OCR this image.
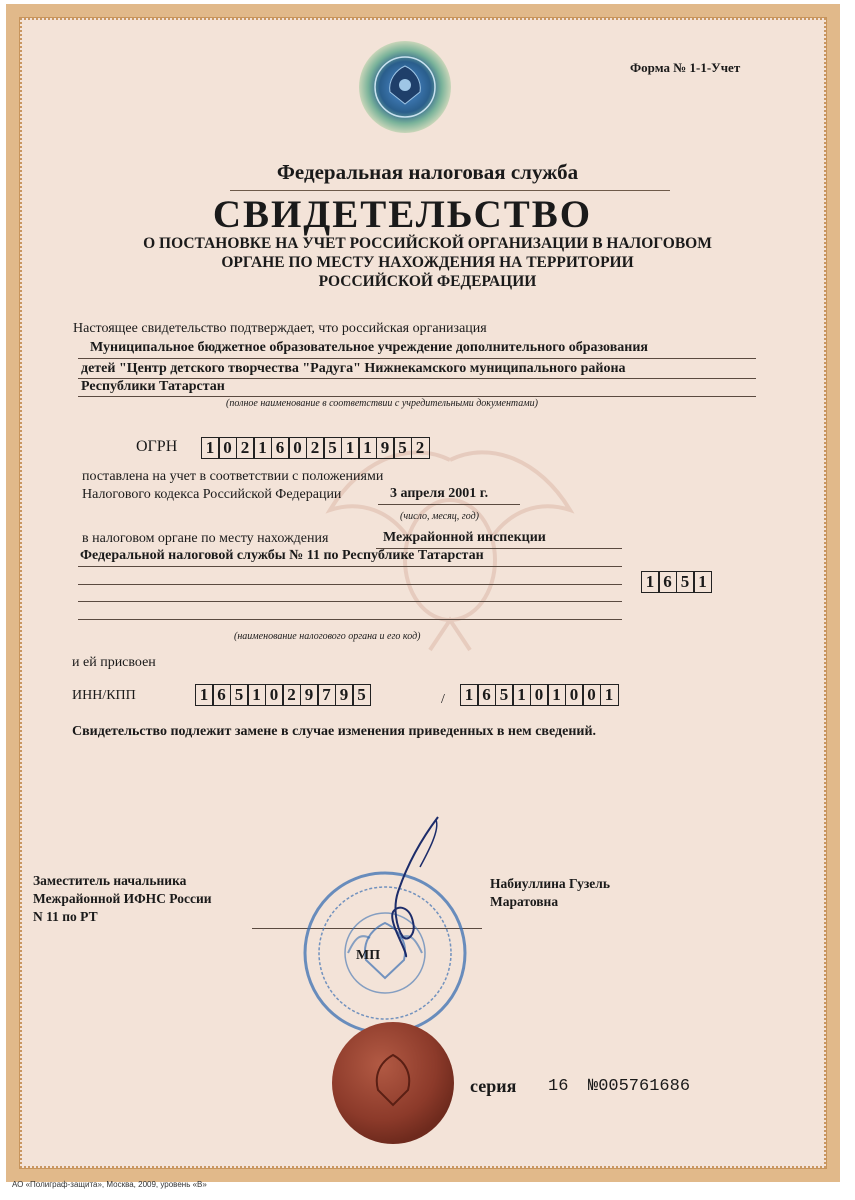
Форма № 1-1-Учет
Федеральная налоговая служба
СВИДЕТЕЛЬСТВО
О ПОСТАНОВКЕ НА УЧЕТ РОССИЙСКОЙ ОРГАНИЗАЦИИ В НАЛОГОВОМ
ОРГАНЕ ПО МЕСТУ НАХОЖДЕНИЯ НА ТЕРРИТОРИИ
РОССИЙСКОЙ ФЕДЕРАЦИИ
Настоящее свидетельство подтверждает, что российская организация
Муниципальное бюджетное образовательное учреждение дополнительного образования
детей "Центр детского творчества "Радуга" Нижнекамского муниципального района
Республики Татарстан
(полное наименование в соответствии с учредительными документами)
ОГРН	1 0 2 1 6 0 2 5 1 1 9 5 2
поставлена на учет в соответствии с положениями
Налогового кодекса Российской Федерации	3 апреля 2001 г.
(число, месяц, год)
в налоговом органе по месту нахождения	Межрайонной инспекции
Федеральной налоговой службы № 11 по Республике Татарстан
1 6 5 1
(наименование налогового органа и его код)
и ей присвоен
ИНН/КПП	1 6 5 1 0 2 9 7 9 5	/	1 6 5 1 0 1 0 0 1
Свидетельство подлежит замене в случае изменения приведенных в нем сведений.
Заместитель начальника
Межрайонной ИФНС России
N 11 по РТ
Набиуллина Гузель
Маратовна
МП
серия 16 №005761686
АО «Полиграф-защита», Москва, 2009, уровень «В»
